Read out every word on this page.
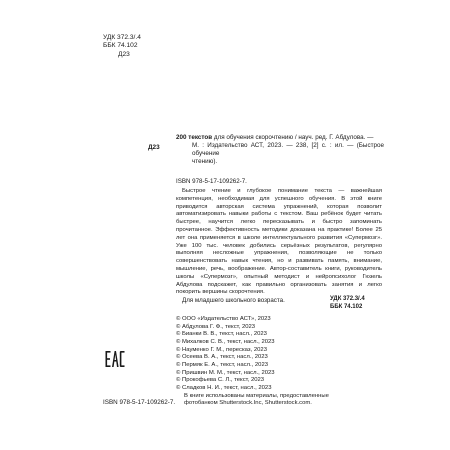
УДК 372.3/.4
ББК 74.102
Д23
Д23
200 текстов для обучения скорочтению / науч. ред. Г. Абдулова. —
М. : Издательство АСТ, 2023. — 238, [2] с. : ил. — (Быстрое обучение
чтению).
ISBN 978-5-17-109262-7.
Быстрое чтение и глубокое понимание текста — важнейшая компетенция, необходимая для успешного обучения. В этой книге приводится авторская система упражнений, которая позволит автоматизировать навыки работы с текстом. Ваш ребёнок будет читать быстрее, научится легко пересказывать и быстро запоминать прочитанное. Эффективность методики доказана на практике! Более 25 лет она применяется в школе интеллектуального развития «Супермозг». Уже 100 тыс. человек добились серьёзных результатов, регулярно выполняя несложные упражнения, позволяющие не только совершенствовать навык чтения, но и развивать память, внимание, мышление, речь, воображение. Автор-составитель книги, руководитель школы «Супермозг», опытный методист и нейропсихолог Гюзель Абдулова подскажет, как правильно организовать занятия и легко покорить вершины скорочтения.
Для младшего школьного возраста.	УДК 372.3/.4
ББК 74.102
© ООО «Издательство АСТ», 2023
© Абдулова Г. Ф., текст, 2023
© Бианки В. В., текст, насл., 2023
© Михалков С. В., текст, насл., 2023
© Науменко Г. М., пересказ, 2023
© Осеева В. А., текст, насл., 2023
© Пермяк Е. А., текст, насл., 2023
© Пришвин М. М., текст, насл., 2023
© Прокофьева С. Л., текст, 2023
© Сладков Н. И., текст, насл., 2023
В книге использованы материалы, предоставленные
фотобанком Shutterstock.Inc, Shutterstock.com.
ISBN 978-5-17-109262-7.
